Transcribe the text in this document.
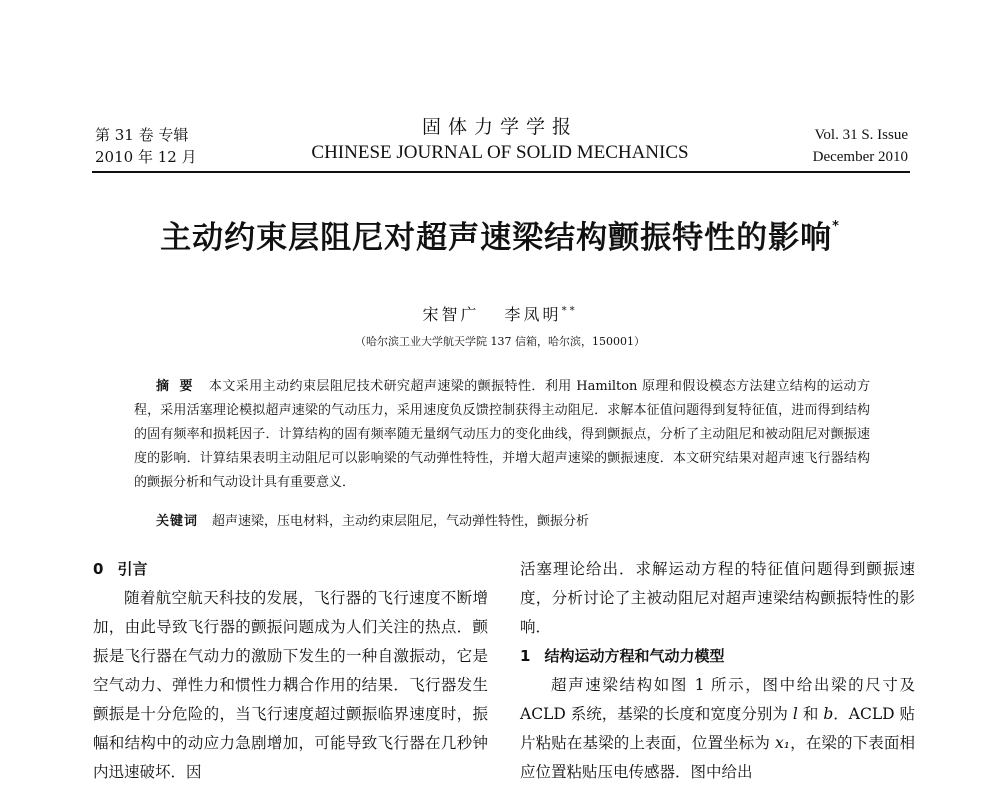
第 31 卷 专辑
2010 年 12 月
固体力学学报
CHINESE JOURNAL OF SOLID MECHANICS
Vol. 31 S. Issue
December 2010
主动约束层阻尼对超声速梁结构颤振特性的影响*
宋智广 李凤明**
（哈尔滨工业大学航天学院 137 信箱，哈尔滨，150001）
摘要 本文采用主动约束层阻尼技术研究超声速梁的颤振特性．利用 Hamilton 原理和假设模态方法建立结构的运动方程，采用活塞理论模拟超声速梁的气动压力，采用速度负反馈控制获得主动阻尼．求解本征值问题得到复特征值，进而得到结构的固有频率和损耗因子．计算结构的固有频率随无量纲气动压力的变化曲线，得到颤振点，分析了主动阻尼和被动阻尼对颤振速度的影响．计算结果表明主动阻尼可以影响梁的气动弹性特性，并增大超声速梁的颤振速度．本文研究结果对超声速飞行器结构的颤振分析和气动设计具有重要意义．
关键词 超声速梁，压电材料，主动约束层阻尼，气动弹性特性，颤振分析
0 引言
随着航空航天科技的发展，飞行器的飞行速度不断增加，由此导致飞行器的颤振问题成为人们关注的热点．颤振是飞行器在气动力的激励下发生的一种自激振动，它是空气动力、弹性力和惯性力耦合作用的结果．飞行器发生颤振是十分危险的，当飞行速度超过颤振临界速度时，振幅和结构中的动应力急剧增加，可能导致飞行器在几秒钟内迅速破坏．因
活塞理论给出．求解运动方程的特征值问题得到颤振速度，分析讨论了主被动阻尼对超声速梁结构颤振特性的影响．
1 结构运动方程和气动力模型
超声速梁结构如图 1 所示，图中给出梁的尺寸及 ACLD 系统，基梁的长度和宽度分别为 l 和 b．ACLD 贴片粘贴在基梁的上表面，位置坐标为 x₁，在梁的下表面相应位置粘贴压电传感器．图中给出
